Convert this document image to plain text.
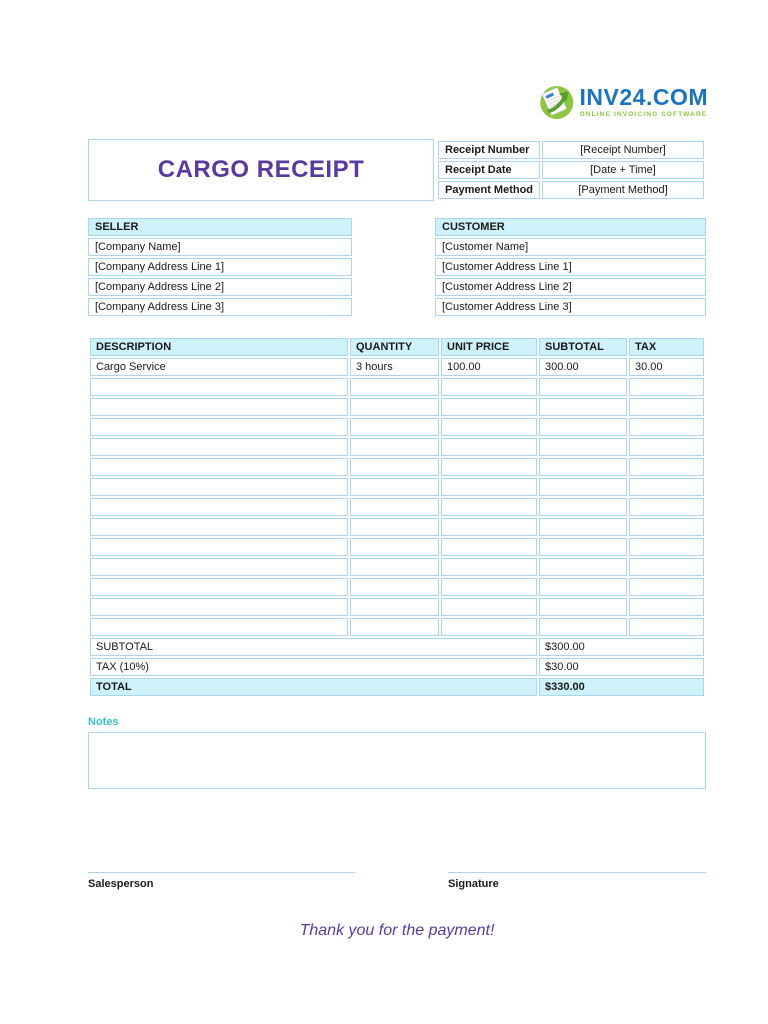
INV24.COM
ONLINE INVOICING SOFTWARE
CARGO RECEIPT
Receipt Number	[Receipt Number]
Receipt Date	[Date + Time]
Payment Method	[Payment Method]
SELLER
[Company Name]
[Company Address Line 1]
[Company Address Line 2]
[Company Address Line 3]
CUSTOMER
[Customer Name]
[Customer Address Line 1]
[Customer Address Line 2]
[Customer Address Line 3]
DESCRIPTION	QUANTITY	UNIT PRICE	SUBTOTAL	TAX
Cargo Service	3 hours	100.00	300.00	30.00

SUBTOTAL			$300.00	
TAX (10%)			$30.00	
TOTAL			$330.00	
Notes
Salesperson	Signature
Thank you for the payment!
